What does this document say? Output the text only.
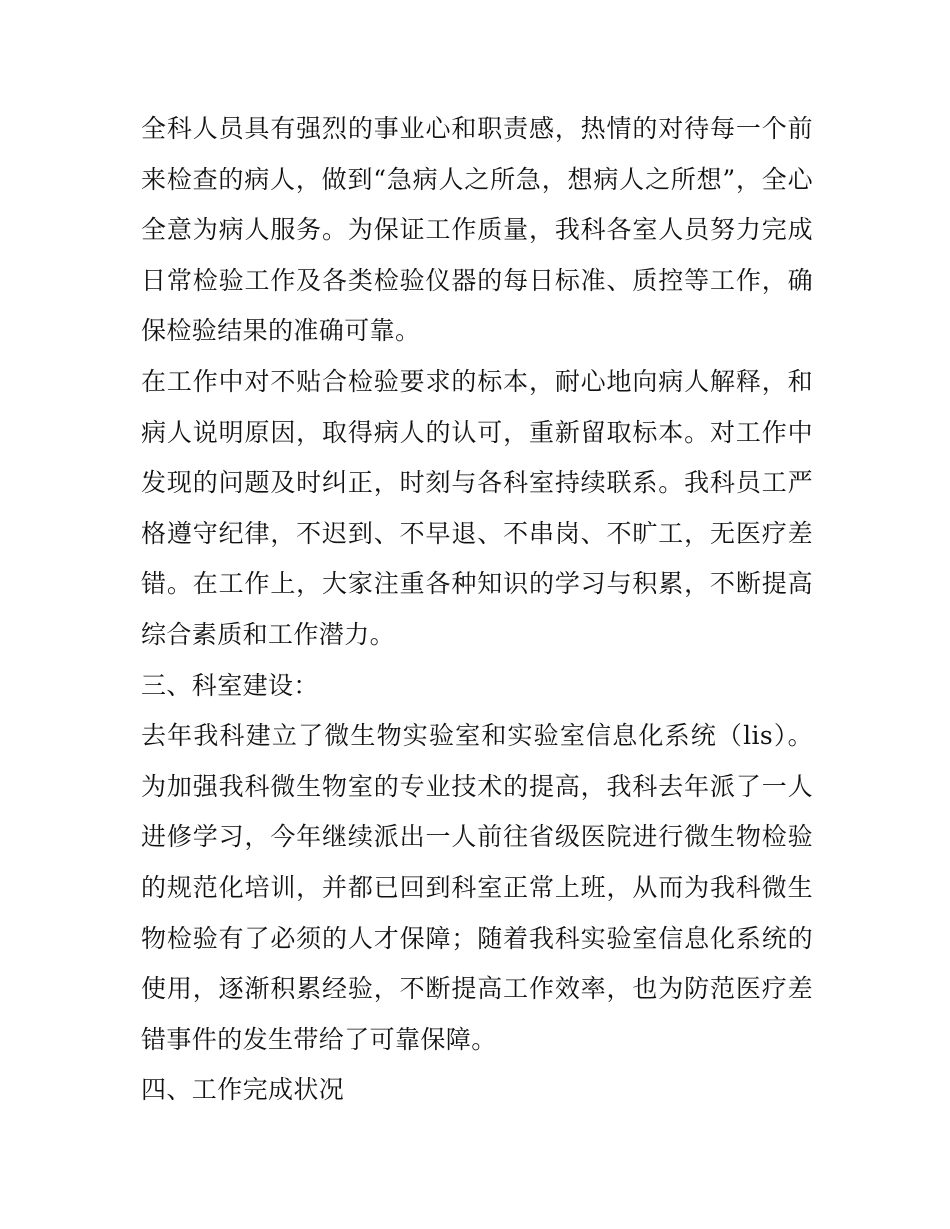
全科人员具有强烈的事业心和职责感，热情的对待每一个前来检查的病人，做到“急病人之所急，想病人之所想”，全心全意为病人服务。为保证工作质量，我科各室人员努力完成日常检验工作及各类检验仪器的每日标准、质控等工作，确保检验结果的准确可靠。

在工作中对不贴合检验要求的标本，耐心地向病人解释，和病人说明原因，取得病人的认可，重新留取标本。对工作中发现的问题及时纠正，时刻与各科室持续联系。我科员工严格遵守纪律，不迟到、不早退、不串岗、不旷工，无医疗差错。在工作上，大家注重各种知识的学习与积累，不断提高综合素质和工作潜力。

三、科室建设：

去年我科建立了微生物实验室和实验室信息化系统（lis）。为加强我科微生物室的专业技术的提高，我科去年派了一人进修学习，今年继续派出一人前往省级医院进行微生物检验的规范化培训，并都已回到科室正常上班，从而为我科微生物检验有了必须的人才保障；随着我科实验室信息化系统的使用，逐渐积累经验，不断提高工作效率，也为防范医疗差错事件的发生带给了可靠保障。

四、工作完成状况
